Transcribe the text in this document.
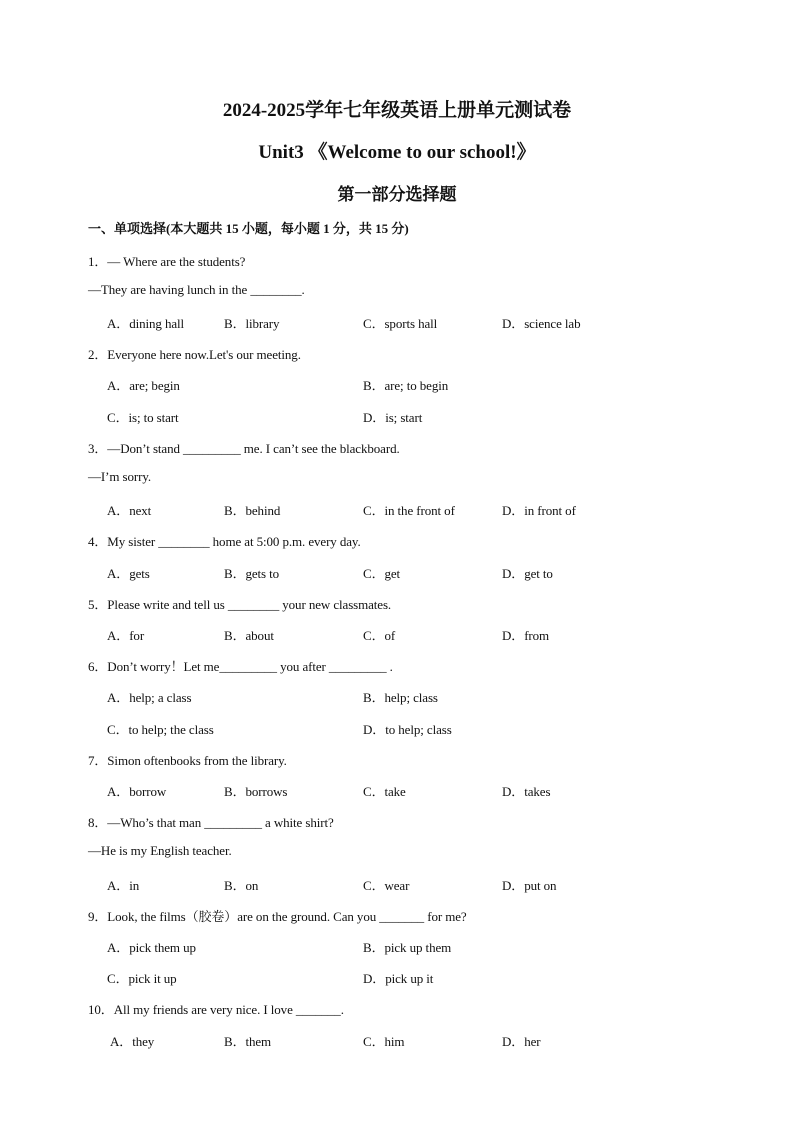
2024-2025学年七年级英语上册单元测试卷
Unit3 《Welcome to our school!》
第一部分选择题
一、单项选择(本大题共 15 小题，每小题 1 分，共 15 分)
1．— Where are the students?
—They are having lunch in the ________.
A．dining hall	B．library	C．sports hall	D．science lab
2．Everyone here now.Let's our meeting.
A．are; begin	B．are; to begin
C．is; to start	D．is; start
3．—Don’t stand _________ me. I can’t see the blackboard.
—I’m sorry.
A．next	B．behind	C．in the front of	D．in front of
4．My sister ________ home at 5:00 p.m. every day.
A．gets	B．gets to	C．get	D．get to
5．Please write and tell us ________ your new classmates.
A．for	B．about	C．of	D．from
6．Don’t worry！Let me_________ you after _________ .
A．help; a class	B．help; class
C．to help; the class	D．to help; class
7．Simon oftenbooks from the library.
A．borrow	B．borrows	C．take	D．takes
8．—Who’s that man _________ a white shirt?
—He is my English teacher.
A．in	B．on	C．wear	D．put on
9．Look, the films（胶卷）are on the ground. Can you _______ for me?
A．pick them up	B．pick up them
C．pick it up	D．pick up it
10．All my friends are very nice. I love _______.
A．they	B．them	C．him	D．her
